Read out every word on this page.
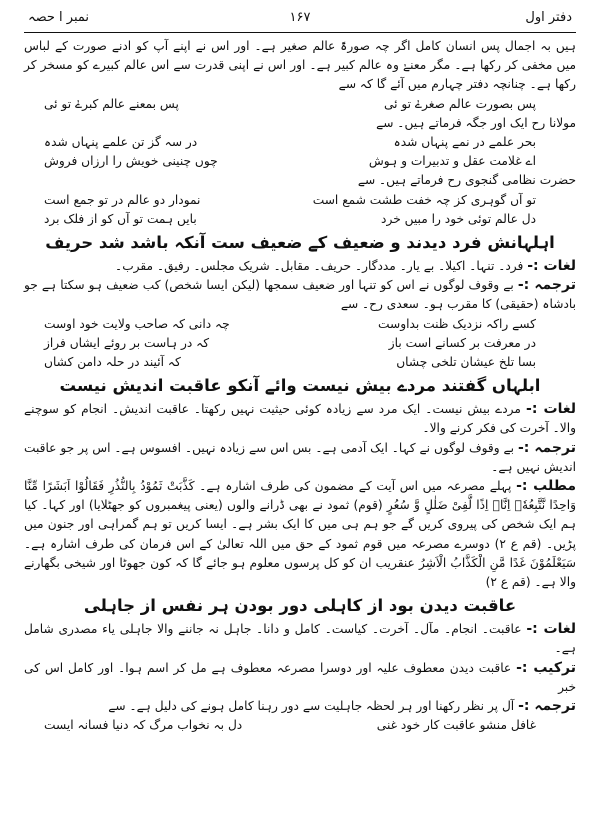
دفتر اول
۱۶۷
نمبر ا حصہ

ہیں بہ اجمال پس انسان کامل اگر چہ صورۃً عالم صغیر ہے۔ اور اس نے اپنے آپ کو ادنے صورت کے لباس میں مخفی کر رکھا ہے۔ مگر معنےٰ وہ عالم کبیر ہے۔ اور اس نے اپنی قدرت سے اس عالم کبیرے کو مسخر کر رکھا ہے۔ چنانچہ دفتر چہارم میں آئے گا کہ سے

پس بصورت عالم صغرےٰ تو ئی
پس بمعنے عالم کبرےٰ تو ئی

مولانا رح ایک اور جگہ فرماتے ہیں۔ سے

بحر علمے در نمے پنہاں شدہ
در سہ گز تن علمے پنہاں شدہ
اے غلامت عقل و تدبیرات و ہوش
چوں چنینی خویش را ارزاں فروش

حضرت نظامی گنجوی رح فرماتے ہیں۔ سے

تو آں گوہری کز چہ خفت طشت شمع است
نمودار دو عالم در تو جمع است
دل عالم توئی خود را مبیں خرد
بایں ہمت تو آں کو از فلک برد
اہلہانش فرد دیدند و ضعیف کے ضعیف ست آنکہ باشد شد حریف

لغات :- فرد۔ تنہا۔ اکیلا۔ بے یار۔ مددگار۔ حریف۔ مقابل۔ شریک مجلس۔ رفیق۔ مقرب۔

ترجمہ :- بے وقوف لوگوں نے اس کو تنہا اور ضعیف سمجھا (لیکن ایسا شخص) کب ضعیف ہو سکتا ہے جو بادشاہ (حقیقی) کا مقرب ہو۔ سعدی رح۔ سے

کسے راکہ نزدیک ظنت بداوست
چہ دانی کہ صاحب ولایت خود اوست
در معرفت بر کسانے است باز
کہ در ہاست بر روئے ایشاں فراز
بسا تلخ عیشان تلخی چشاں
کہ آئیند در حلہ دامن کشاں
ابلہاں گفتند مردے بیش نیست وائے آنکو عاقبت اندیش نیست

لغات :- مردے بیش نیست۔ ایک مرد سے زیادہ کوئی حیثیت نہیں رکھتا۔ عاقبت اندیش۔ انجام کو سوچنے والا۔ آخرت کی فکر کرنے والا۔

ترجمہ :- بے وقوف لوگوں نے کہا۔ ایک آدمی ہے۔ بس اس سے زیادہ نہیں۔ افسوس ہے۔ اس پر جو عاقبت اندیش نہیں ہے۔

مطلب :- پہلے مصرعہ میں اس آیت کے مضمون کی طرف اشارہ ہے۔ کَذَّبَتْ ثَمُوْدُ بِالنُّذُرِ فَقَالُوْا اَبَشَرًا مِّنَّا وَاحِدًا نَّتَّبِعُهٗۤ اِنَّاۤ اِذًا لَّفِیْ ضَلٰلٍ وَّ سُعُرٍ (قوم) ثمود نے بھی ڈرانے والوں (یعنی پیغمبروں کو جھٹلایا) اور کہا۔ کیا ہم ایک شخص کی پیروی کریں گے جو ہم ہی میں کا ایک بشر ہے۔ ایسا کریں تو ہم گمراہی اور جنون میں پڑیں۔ (قم ع ۲) دوسرے مصرعہ میں قوم ثمود کے حق میں اللہ تعالیٰ کے اس فرمان کی طرف اشارہ ہے۔ سَیَعْلَمُوْنَ غَدًا مَّنِ الْكَذَّابُ الْاَشِرُ عنقریب ان کو کل پرسوں معلوم ہو جائے گا کہ کون جھوٹا اور شیخی بگھارنے والا ہے۔ (قم ع ۲)

عاقبت دیدن بود از کاہلی دور بودن ہر نفس از جاہلی

لغات :- عاقبت۔ انجام۔ مآل۔ آخرت۔ کیاست۔ کامل و دانا۔ جاہل نہ جاننے والا جاہلی یاء مصدری شامل ہے۔

ترکیب :- عاقبت دیدن معطوف علیہ اور دوسرا مصرعہ معطوف ہے مل کر اسم ہوا۔ اور کامل اس کی خبر

ترجمہ :- آل پر نظر رکھنا اور ہر لحظہ جاہلیت سے دور رہنا کامل ہونے کی دلیل ہے۔ سے

غافل منشو عاقبت کار خود غنی
دل بہ نخواب مرگ کہ دنیا فسانہ ایست
